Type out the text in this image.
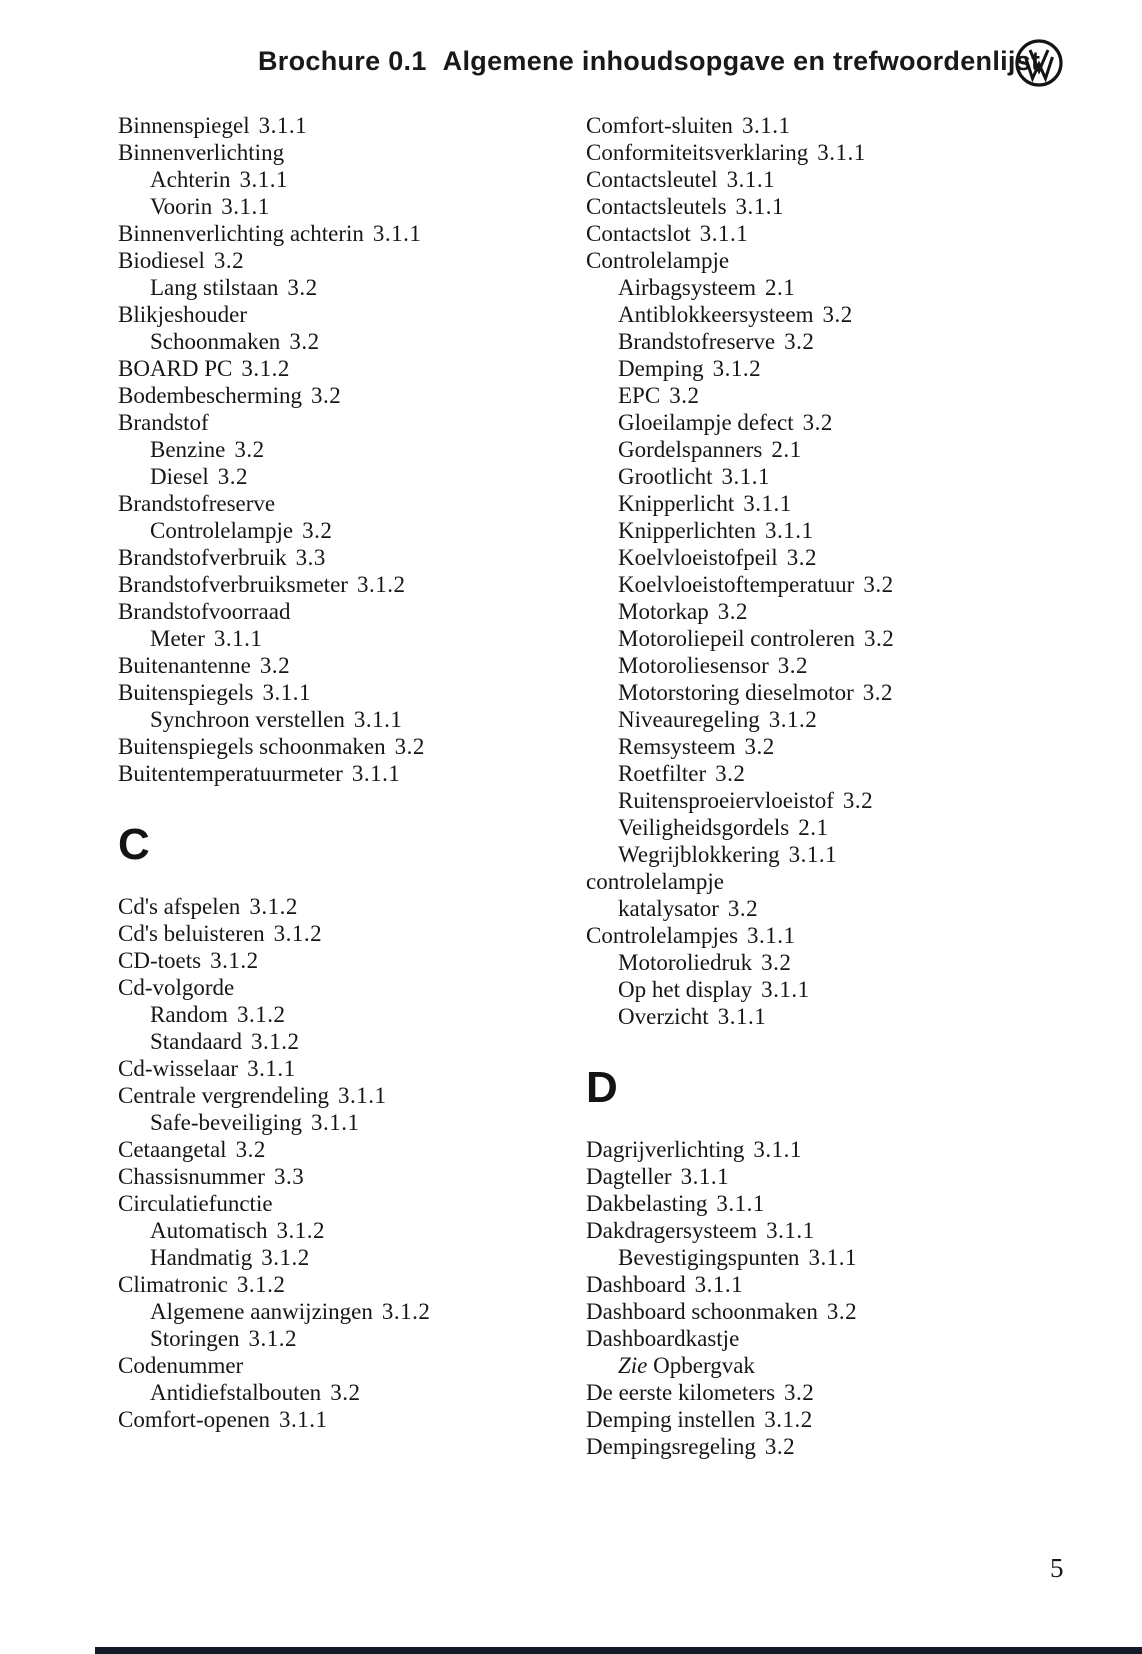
Brochure 0.1 Algemene inhoudsopgave en trefwoordenlijst
Binnenspiegel 3.1.1
Binnenverlichting
Achterin 3.1.1
Voorin 3.1.1
Binnenverlichting achterin 3.1.1
Biodiesel 3.2
Lang stilstaan 3.2
Blikjeshouder
Schoonmaken 3.2
BOARD PC 3.1.2
Bodembescherming 3.2
Brandstof
Benzine 3.2
Diesel 3.2
Brandstofreserve
Controlelampje 3.2
Brandstofverbruik 3.3
Brandstofverbruiksmeter 3.1.2
Brandstofvoorraad
Meter 3.1.1
Buitenantenne 3.2
Buitenspiegels 3.1.1
Synchroon verstellen 3.1.1
Buitenspiegels schoonmaken 3.2
Buitentemperatuurmeter 3.1.1
C
Cd's afspelen 3.1.2
Cd's beluisteren 3.1.2
CD-toets 3.1.2
Cd-volgorde
Random 3.1.2
Standaard 3.1.2
Cd-wisselaar 3.1.1
Centrale vergrendeling 3.1.1
Safe-beveiliging 3.1.1
Cetaangetal 3.2
Chassisnummer 3.3
Circulatiefunctie
Automatisch 3.1.2
Handmatig 3.1.2
Climatronic 3.1.2
Algemene aanwijzingen 3.1.2
Storingen 3.1.2
Codenummer
Antidiefstalbouten 3.2
Comfort-openen 3.1.1
Comfort-sluiten 3.1.1
Conformiteitsverklaring 3.1.1
Contactsleutel 3.1.1
Contactsleutels 3.1.1
Contactslot 3.1.1
Controlelampje
Airbagsysteem 2.1
Antiblokkeersysteem 3.2
Brandstofreserve 3.2
Demping 3.1.2
EPC 3.2
Gloeilampje defect 3.2
Gordelspanners 2.1
Grootlicht 3.1.1
Knipperlicht 3.1.1
Knipperlichten 3.1.1
Koelvloeistofpeil 3.2
Koelvloeistoftemperatuur 3.2
Motorkap 3.2
Motoroliepeil controleren 3.2
Motoroliesensor 3.2
Motorstoring dieselmotor 3.2
Niveauregeling 3.1.2
Remsysteem 3.2
Roetfilter 3.2
Ruitensproeiervloeistof 3.2
Veiligheidsgordels 2.1
Wegrijblokkering 3.1.1
controlelampje
katalysator 3.2
Controlelampjes 3.1.1
Motoroliedruk 3.2
Op het display 3.1.1
Overzicht 3.1.1
D
Dagrijverlichting 3.1.1
Dagteller 3.1.1
Dakbelasting 3.1.1
Dakdragersysteem 3.1.1
Bevestigingspunten 3.1.1
Dashboard 3.1.1
Dashboard schoonmaken 3.2
Dashboardkastje
Zie Opbergvak
De eerste kilometers 3.2
Demping instellen 3.1.2
Dempingsregeling 3.2
5
